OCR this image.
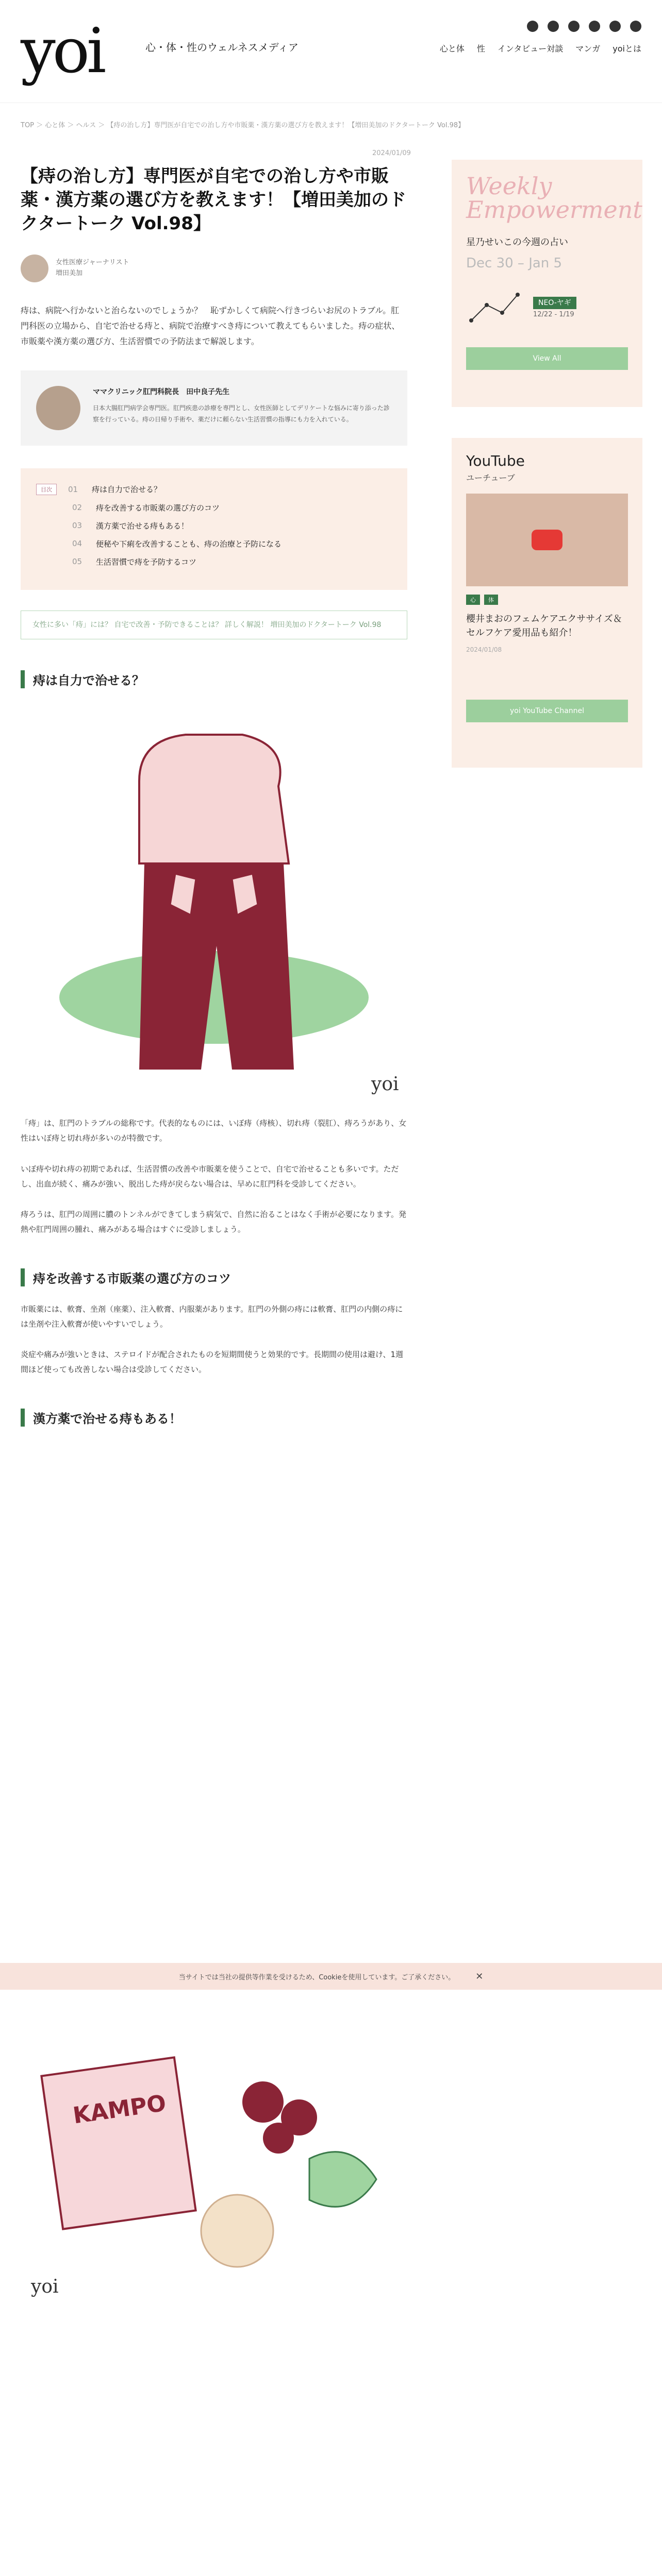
yoi	心・体・性のウェルネスメディア	心と体 性 インタビュー対談 マンガ yoiとは
TOP ＞ 心と体 ＞ ヘルス ＞ 【痔の治し方】専門医が自宅での治し方や市販薬・漢方薬の選び方を教えます！【増田美加のドクタートーク Vol.98】
2024/01/09
【痔の治し方】専門医が自宅での治し方や市販薬・漢方薬の選び方を教えます！【増田美加のドクタートーク Vol.98】
女性医療ジャーナリスト
増田美加

痔は、病院へ行かないと治らないのでしょうか？　恥ずかしくて病院へ行きづらいお尻のトラブル。肛門科医の立場から、自宅で治せる痔と、病院で治療すべき痔について教えてもらいました。痔の症状、市販薬や漢方薬の選び方、生活習慣での予防法まで解説します。

ママクリニック肛門科院長　田中良子先生
日本大腸肛門病学会専門医。肛門疾患の診療を専門とし、女性医師としてデリケートな悩みに寄り添った診察を行っている。痔の日帰り手術や、薬だけに頼らない生活習慣の指導にも力を入れている。
目次	01	痔は自力で治せる？
02	痔を改善する市販薬の選び方のコツ
03	漢方薬で治せる痔もある！
04	便秘や下痢を改善することも、痔の治療と予防になる
05	生活習慣で痔を予防するコツ
女性に多い「痔」には？ 自宅で改善・予防できることは？ 詳しく解説！ 増田美加のドクタートーク Vol.98
痔は自力で治せる？
yoi

「痔」は、肛門のトラブルの総称です。代表的なものには、いぼ痔（痔核）、切れ痔（裂肛）、痔ろうがあり、女性はいぼ痔と切れ痔が多いのが特徴です。

いぼ痔や切れ痔の初期であれば、生活習慣の改善や市販薬を使うことで、自宅で治せることも多いです。ただし、出血が続く、痛みが強い、脱出した痔が戻らない場合は、早めに肛門科を受診してください。

痔ろうは、肛門の周囲に膿のトンネルができてしまう病気で、自然に治ることはなく手術が必要になります。発熱や肛門周囲の腫れ、痛みがある場合はすぐに受診しましょう。

痔を改善する市販薬の選び方のコツ

市販薬には、軟膏、坐剤（座薬）、注入軟膏、内服薬があります。肛門の外側の痔には軟膏、肛門の内側の痔には坐剤や注入軟膏が使いやすいでしょう。

炎症や痛みが強いときは、ステロイドが配合されたものを短期間使うと効果的です。長期間の使用は避け、1週間ほど使っても改善しない場合は受診してください。

漢方薬で治せる痔もある！
Weekly Empowerment
星乃せいこの今週の占い
Dec 30 – Jan 5
NEO-ヤギ
12/22 - 1/19
View All
YouTube
ユーチューブ
心	体
櫻井まおのフェムケアエクササイズ＆セルフケア愛用品も紹介！
2024/01/08
yoi YouTube Channel
当サイトでは当社の提供等作業を受けるため、Cookieを使用しています。ご了承ください。 ✕
KAMPO
yoi
